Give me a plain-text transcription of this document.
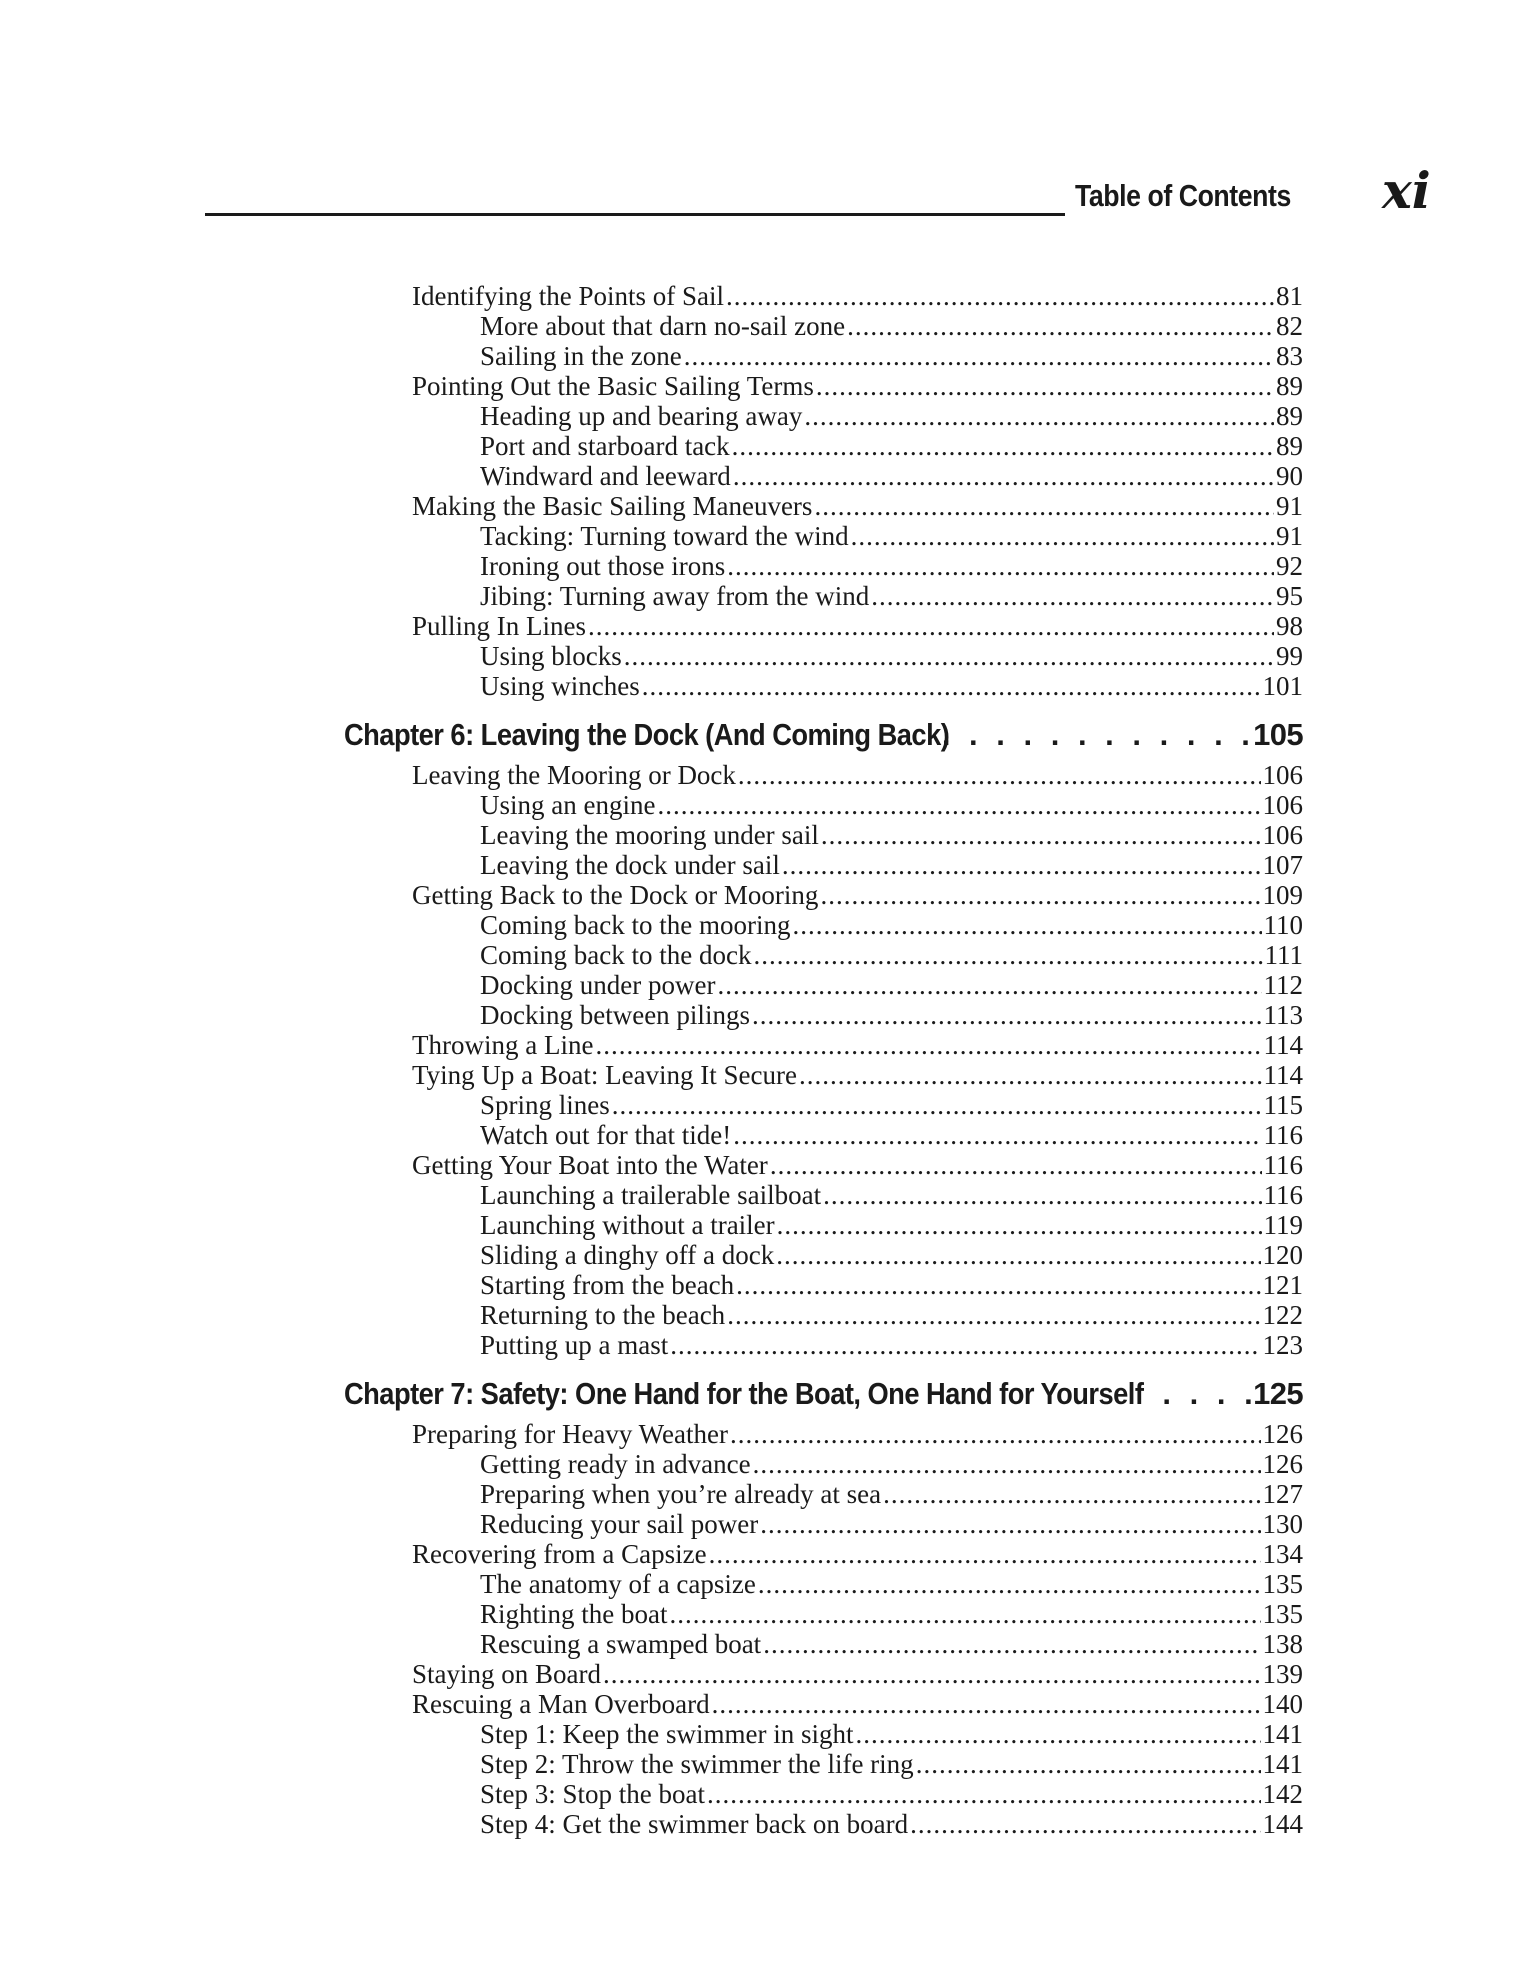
Table of Contents xi
Identifying the Points of Sail .....	81
More about that darn no-sail zone .....	82
Sailing in the zone .....	83
Pointing Out the Basic Sailing Terms .....	89
Heading up and bearing away .....	89
Port and starboard tack .....	89
Windward and leeward .....	90
Making the Basic Sailing Maneuvers .....	91
Tacking: Turning toward the wind .....	91
Ironing out those irons .....	92
Jibing: Turning away from the wind .....	95
Pulling In Lines .....	98
Using blocks .....	99
Using winches .....	101
Chapter 6: Leaving the Dock (And Coming Back) . . .	105
Leaving the Mooring or Dock .....	106
Using an engine .....	106
Leaving the mooring under sail .....	106
Leaving the dock under sail .....	107
Getting Back to the Dock or Mooring .....	109
Coming back to the mooring .....	110
Coming back to the dock .....	111
Docking under power .....	112
Docking between pilings .....	113
Throwing a Line .....	114
Tying Up a Boat: Leaving It Secure .....	114
Spring lines .....	115
Watch out for that tide! .....	116
Getting Your Boat into the Water .....	116
Launching a trailerable sailboat .....	116
Launching without a trailer .....	119
Sliding a dinghy off a dock .....	120
Starting from the beach .....	121
Returning to the beach .....	122
Putting up a mast .....	123
Chapter 7: Safety: One Hand for the Boat, One Hand for Yourself . . .	125
Preparing for Heavy Weather .....	126
Getting ready in advance .....	126
Preparing when you’re already at sea .....	127
Reducing your sail power .....	130
Recovering from a Capsize .....	134
The anatomy of a capsize .....	135
Righting the boat .....	135
Rescuing a swamped boat .....	138
Staying on Board .....	139
Rescuing a Man Overboard .....	140
Step 1: Keep the swimmer in sight .....	141
Step 2: Throw the swimmer the life ring .....	141
Step 3: Stop the boat .....	142
Step 4: Get the swimmer back on board .....	144
